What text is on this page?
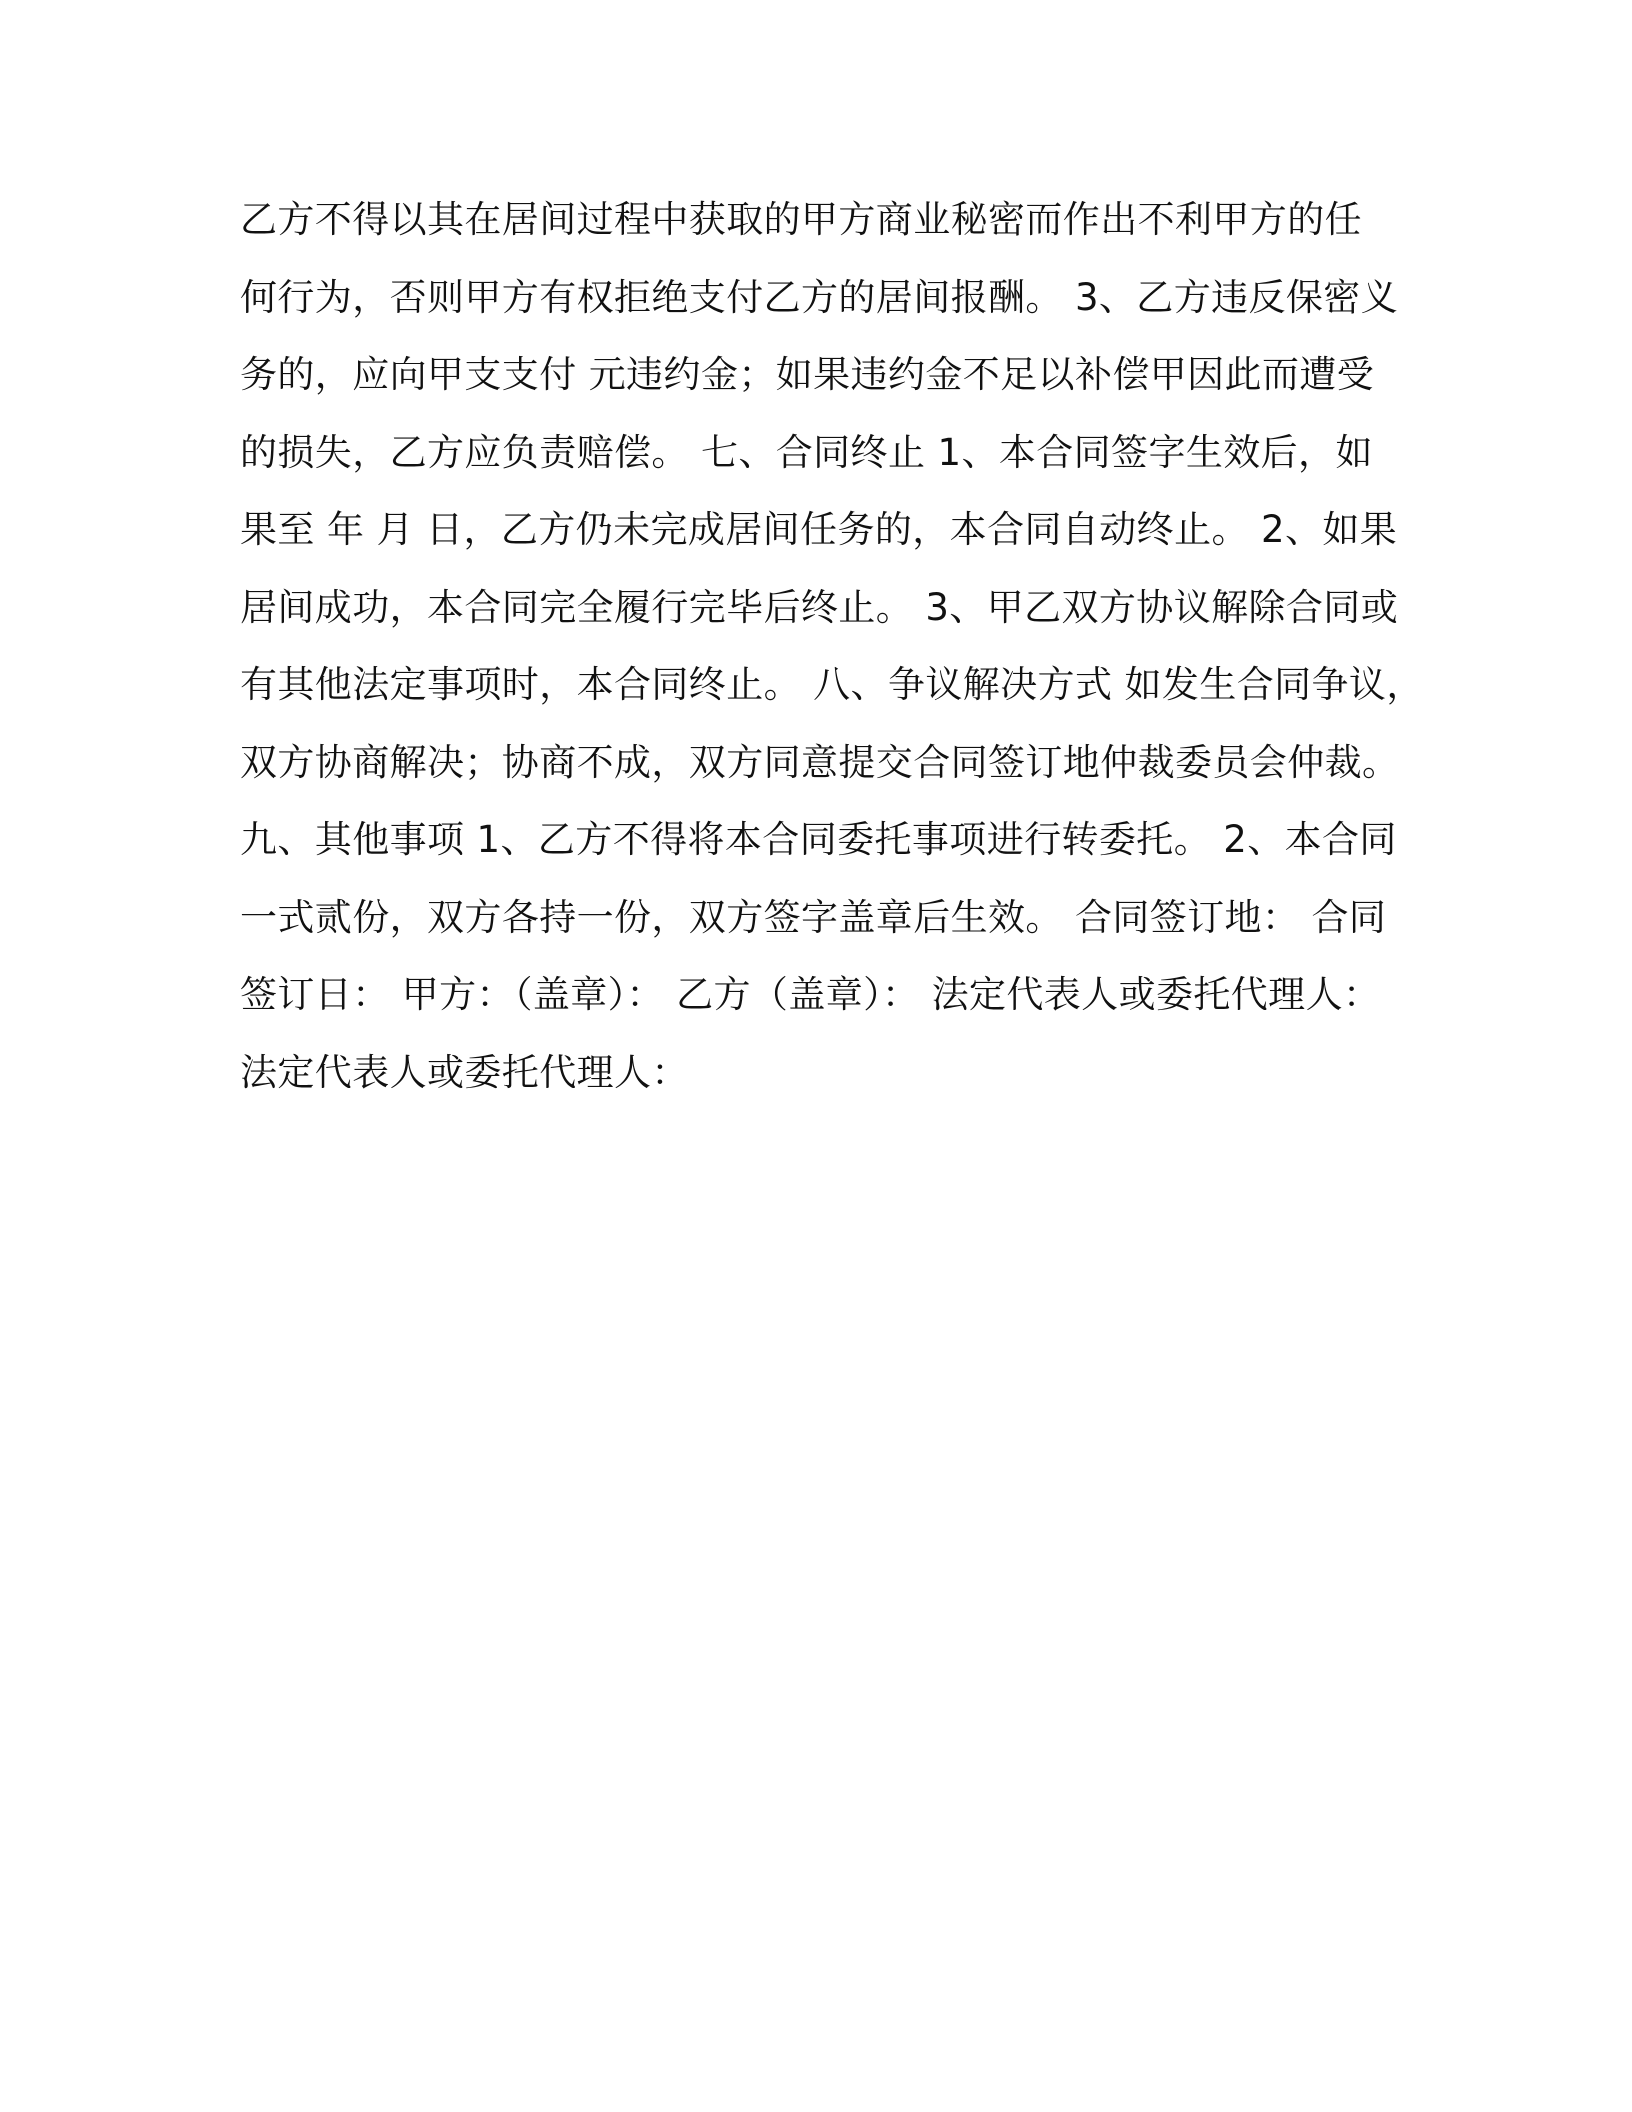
乙方不得以其在居间过程中获取的甲方商业秘密而作出不利甲方的任
何行为，否则甲方有权拒绝支付乙方的居间报酬。 3、乙方违反保密义
务的，应向甲支支付 元违约金；如果违约金不足以补偿甲因此而遭受
的损失，乙方应负责赔偿。 七、合同终止 1、本合同签字生效后，如
果至 年 月 日，乙方仍未完成居间任务的，本合同自动终止。 2、如果
居间成功，本合同完全履行完毕后终止。 3、甲乙双方协议解除合同或
有其他法定事项时，本合同终止。 八、争议解决方式 如发生合同争议，
双方协商解决；协商不成，双方同意提交合同签订地仲裁委员会仲裁。
九、其他事项 1、乙方不得将本合同委托事项进行转委托。 2、本合同
一式贰份，双方各持一份，双方签字盖章后生效。 合同签订地： 合同
签订日： 甲方：（盖章）： 乙方（盖章）： 法定代表人或委托代理人：
法定代表人或委托代理人：
